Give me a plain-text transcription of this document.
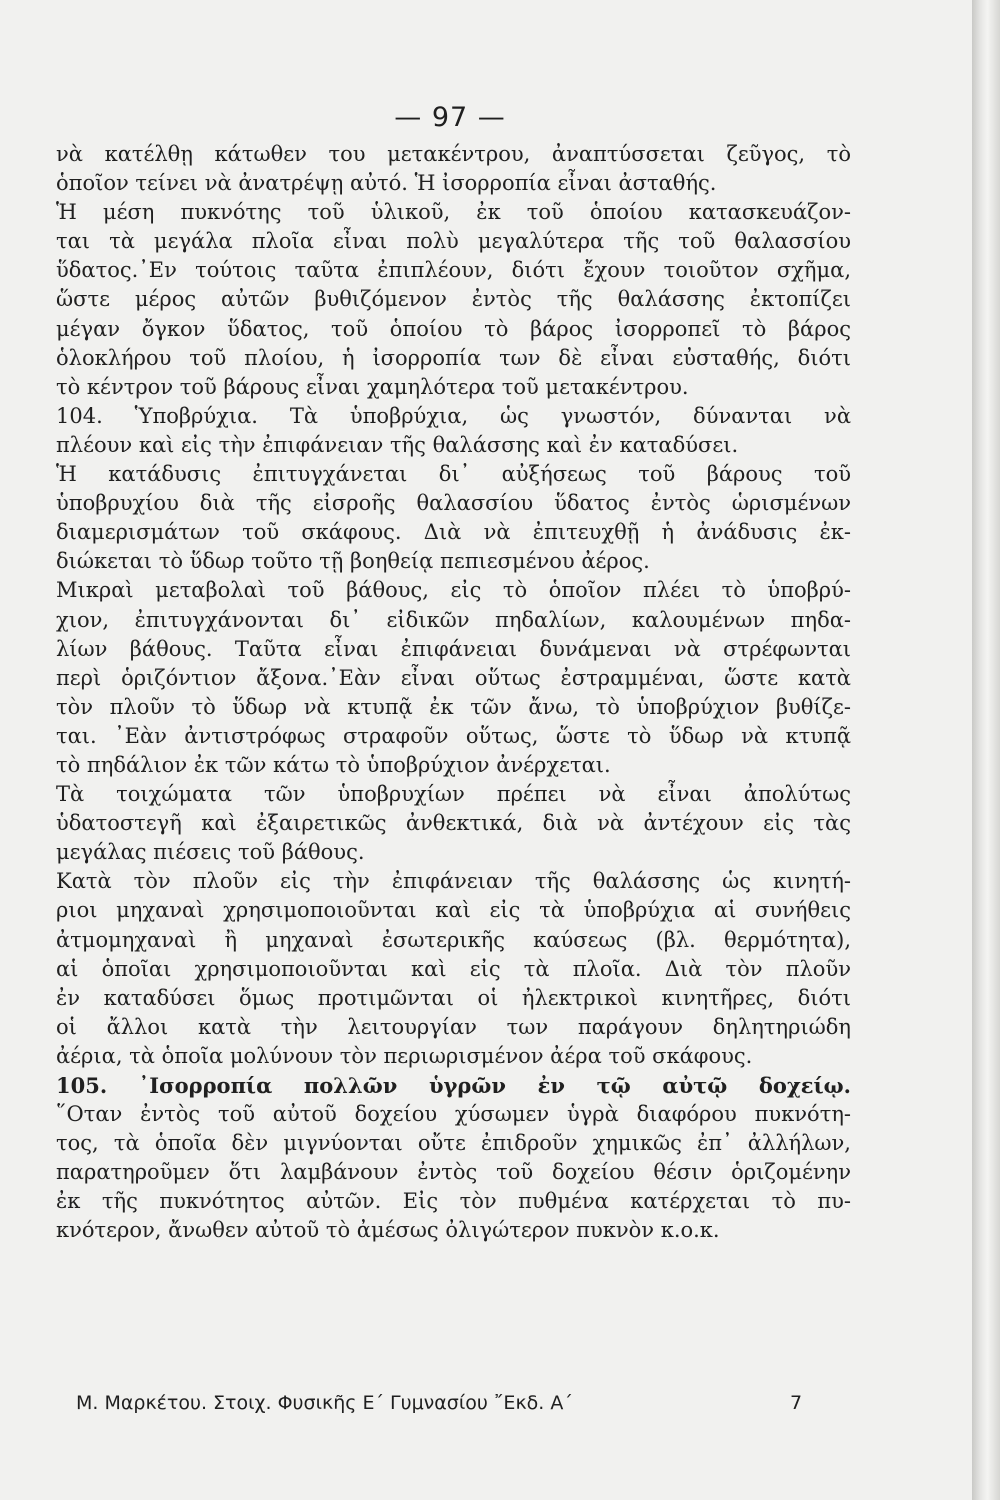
— 97 —
νὰ κατέλθῃ κάτωθεν του μετακέντρου, ἀναπτύσσεται ζεῦγος, τὸ
ὁποῖον τείνει νὰ ἀνατρέψῃ αὐτό. Ἡ ἰσορροπία εἶναι ἀσταθής.
Ἡ μέση πυκνότης τοῦ ὑλικοῦ, ἐκ τοῦ ὁποίου κατασκευάζον-
ται τὰ μεγάλα πλοῖα εἶναι πολὺ μεγαλύτερα τῆς τοῦ θαλασσίου
ὕδατος.᾽Εν τούτοις ταῦτα ἐπιπλέουν, διότι ἔχουν τοιοῦτον σχῆμα,
ὥστε μέρος αὐτῶν βυθιζόμενον ἐντὸς τῆς θαλάσσης ἐκτοπίζει
μέγαν ὄγκον ὕδατος, τοῦ ὁποίου τὸ βάρος ἰσορροπεῖ τὸ βάρος
ὁλοκλήρου τοῦ πλοίου, ἡ ἰσορροπία των δὲ εἶναι εὐσταθής, διότι
τὸ κέντρον τοῦ βάρους εἶναι χαμηλότερα τοῦ μετακέντρου.
104. Ὑποβρύχια. Τὰ ὑποβρύχια, ὡς γνωστόν, δύνανται νὰ
πλέουν καὶ εἰς τὴν ἐπιφάνειαν τῆς θαλάσσης καὶ ἐν καταδύσει.
Ἡ κατάδυσις ἐπιτυγχάνεται δι᾽ αὐξήσεως τοῦ βάρους τοῦ
ὑποβρυχίου διὰ τῆς εἰσροῆς θαλασσίου ὕδατος ἐντὸς ὡρισμένων
διαμερισμάτων τοῦ σκάφους. Διὰ νὰ ἐπιτευχθῇ ἡ ἀνάδυσις ἐκ-
διώκεται τὸ ὕδωρ τοῦτο τῇ βοηθείᾳ πεπιεσμένου ἀέρος.
Μικραὶ μεταβολαὶ τοῦ βάθους, εἰς τὸ ὁποῖον πλέει τὸ ὑποβρύ-
χιον, ἐπιτυγχάνονται δι᾽ εἰδικῶν πηδαλίων, καλουμένων πηδα-
λίων βάθους. Ταῦτα εἶναι ἐπιφάνειαι δυνάμεναι νὰ στρέφωνται
περὶ ὁριζόντιον ἄξονα.᾽Εὰν εἶναι οὕτως ἐστραμμέναι, ὥστε κατὰ
τὸν πλοῦν τὸ ὕδωρ νὰ κτυπᾷ ἐκ τῶν ἄνω, τὸ ὑποβρύχιον βυθίζε-
ται. ᾽Εὰν ἀντιστρόφως στραφοῦν οὕτως, ὥστε τὸ ὕδωρ νὰ κτυπᾷ
τὸ πηδάλιον ἐκ τῶν κάτω τὸ ὑποβρύχιον ἀνέρχεται.
Τὰ τοιχώματα τῶν ὑποβρυχίων πρέπει νὰ εἶναι ἀπολύτως
ὑδατοστεγῆ καὶ ἐξαιρετικῶς ἀνθεκτικά, διὰ νὰ ἀντέχουν εἰς τὰς
μεγάλας πιέσεις τοῦ βάθους.
Κατὰ τὸν πλοῦν εἰς τὴν ἐπιφάνειαν τῆς θαλάσσης ὡς κινητή-
ριοι μηχαναὶ χρησιμοποιοῦνται καὶ εἰς τὰ ὑποβρύχια αἱ συνήθεις
ἀτμομηχαναὶ ἢ μηχαναὶ ἐσωτερικῆς καύσεως (βλ. θερμότητα),
αἱ ὁποῖαι χρησιμοποιοῦνται καὶ εἰς τὰ πλοῖα. Διὰ τὸν πλοῦν
ἐν καταδύσει ὅμως προτιμῶνται οἱ ἠλεκτρικοὶ κινητῆρες, διότι
οἱ ἄλλοι κατὰ τὴν λειτουργίαν των παράγουν δηλητηριώδη
ἀέρια, τὰ ὁποῖα μολύνουν τὸν περιωρισμένον ἀέρα τοῦ σκάφους.
105. ᾽Ισορροπία πολλῶν ὑγρῶν ἐν τῷ αὐτῷ δοχείῳ.
῞Οταν ἐντὸς τοῦ αὐτοῦ δοχείου χύσωμεν ὑγρὰ διαφόρου πυκνότη-
τος, τὰ ὁποῖα δὲν μιγνύονται οὔτε ἐπιδροῦν χημικῶς ἐπ᾽ ἀλλήλων,
παρατηροῦμεν ὅτι λαμβάνουν ἐντὸς τοῦ δοχείου θέσιν ὁριζομένην
ἐκ τῆς πυκνότητος αὐτῶν. Εἰς τὸν πυθμένα κατέρχεται τὸ πυ-
κνότερον, ἄνωθεν αὐτοῦ τὸ ἀμέσως ὀλιγώτερον πυκνὸν κ.ο.κ.
Μ. Μαρκέτου. Στοιχ. Φυσικῆς Ε΄ Γυμνασίου ῎Εκδ. Α΄	7
